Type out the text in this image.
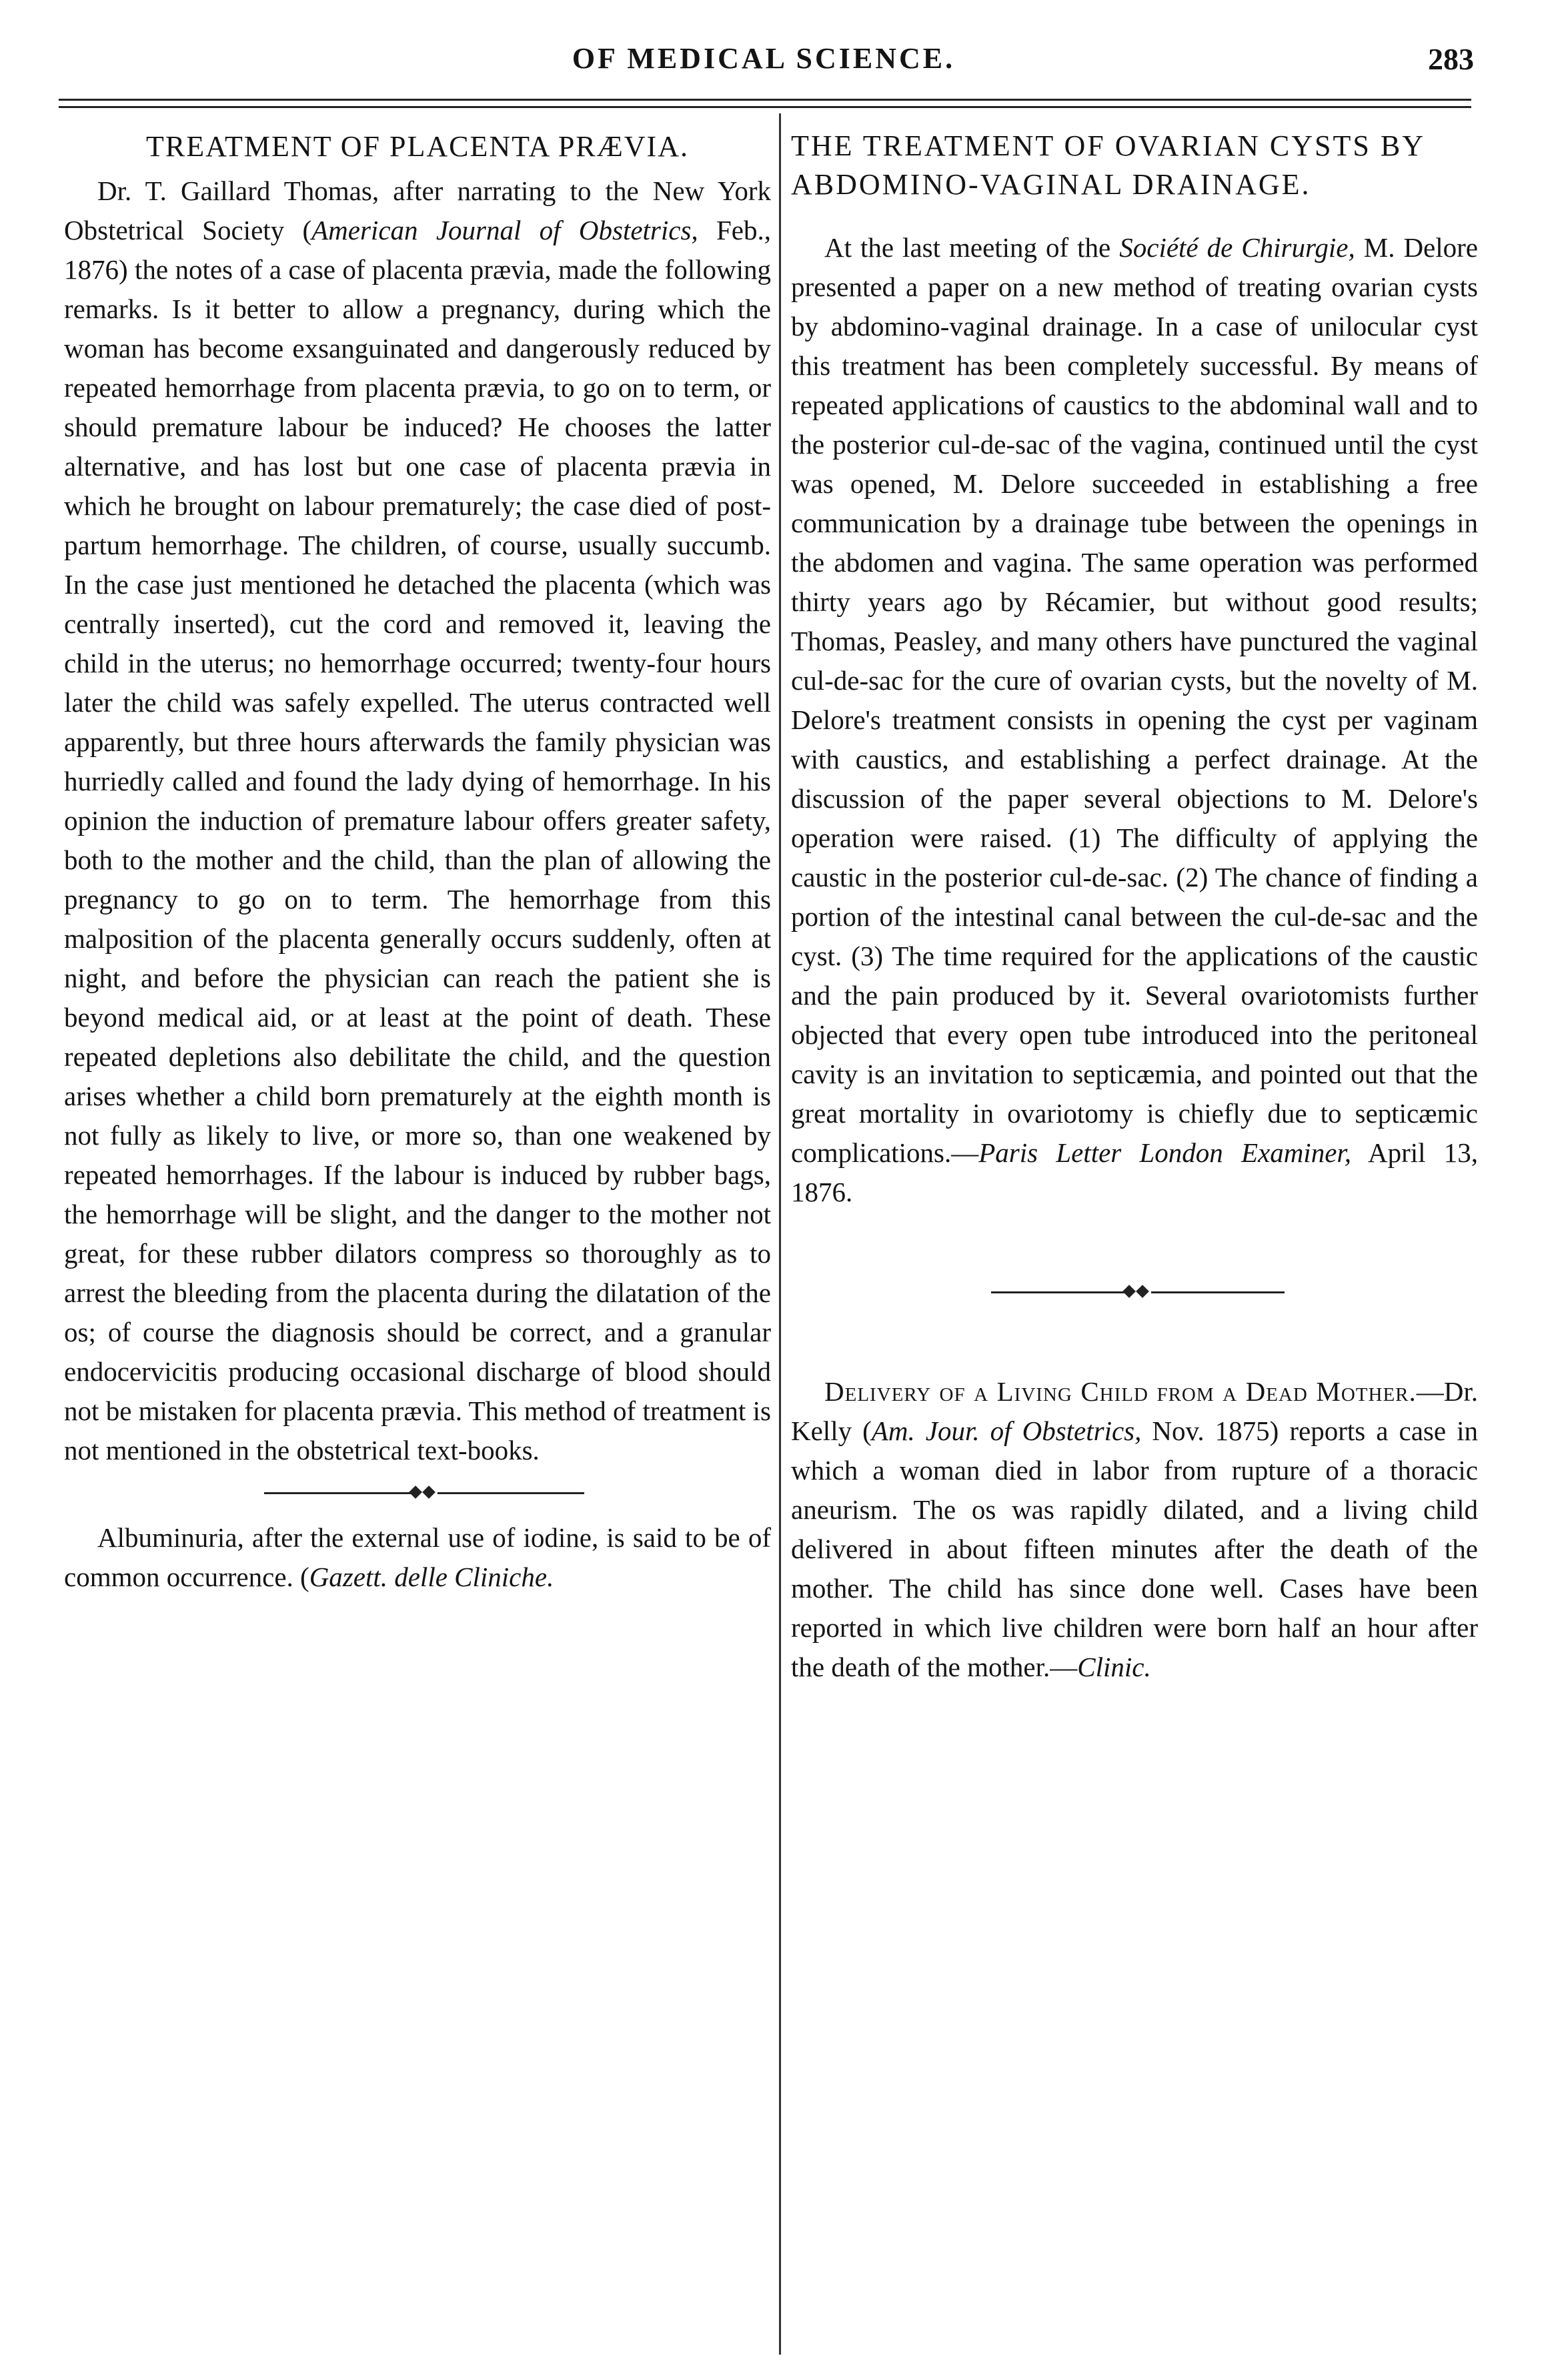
OF MEDICAL SCIENCE.	283
TREATMENT OF PLACENTA PRÆVIA.

Dr. T. Gaillard Thomas, after narrating to the New York Obstetrical Society (American Journal of Obstetrics, Feb., 1876) the notes of a case of placenta prævia, made the following remarks. Is it better to allow a pregnancy, during which the woman has become exsanguinated and dangerously reduced by repeated hemorrhage from placenta prævia, to go on to term, or should premature labour be induced? He chooses the latter alternative, and has lost but one case of placenta prævia in which he brought on labour prematurely; the case died of post-partum hemorrhage. The children, of course, usually succumb. In the case just mentioned he detached the placenta (which was centrally inserted), cut the cord and removed it, leaving the child in the uterus; no hemorrhage occurred; twenty-four hours later the child was safely expelled. The uterus contracted well apparently, but three hours afterwards the family physician was hurriedly called and found the lady dying of hemorrhage. In his opinion the induction of premature labour offers greater safety, both to the mother and the child, than the plan of allowing the pregnancy to go on to term. The hemorrhage from this malposition of the placenta generally occurs suddenly, often at night, and before the physician can reach the patient she is beyond medical aid, or at least at the point of death. These repeated depletions also debilitate the child, and the question arises whether a child born prematurely at the eighth month is not fully as likely to live, or more so, than one weakened by repeated hemorrhages. If the labour is induced by rubber bags, the hemorrhage will be slight, and the danger to the mother not great, for these rubber dilators compress so thoroughly as to arrest the bleeding from the placenta during the dilatation of the os; of course the diagnosis should be correct, and a granular endocervicitis producing occasional discharge of blood should not be mistaken for placenta prævia. This method of treatment is not mentioned in the obstetrical text-books.

Albuminuria, after the external use of iodine, is said to be of common occurrence. (Gazett. delle Cliniche.

THE TREATMENT OF OVARIAN CYSTS BY ABDOMINO-VAGINAL DRAINAGE.

At the last meeting of the Société de Chirurgie, M. Delore presented a paper on a new method of treating ovarian cysts by abdomino-vaginal drainage. In a case of unilocular cyst this treatment has been completely successful. By means of repeated applications of caustics to the abdominal wall and to the posterior cul-de-sac of the vagina, continued until the cyst was opened, M. Delore succeeded in establishing a free communication by a drainage tube between the openings in the abdomen and vagina. The same operation was performed thirty years ago by Récamier, but without good results; Thomas, Peasley, and many others have punctured the vaginal cul-de-sac for the cure of ovarian cysts, but the novelty of M. Delore's treatment consists in opening the cyst per vaginam with caustics, and establishing a perfect drainage. At the discussion of the paper several objections to M. Delore's operation were raised. (1) The difficulty of applying the caustic in the posterior cul-de-sac. (2) The chance of finding a portion of the intestinal canal between the cul-de-sac and the cyst. (3) The time required for the applications of the caustic and the pain produced by it. Several ovariotomists further objected that every open tube introduced into the peritoneal cavity is an invitation to septicæmia, and pointed out that the great mortality in ovariotomy is chiefly due to septicæmic complications.—Paris Letter London Examiner, April 13, 1876.

Delivery of a Living Child from a Dead Mother.—Dr. Kelly (Am. Jour. of Obstetrics, Nov. 1875) reports a case in which a woman died in labor from rupture of a thoracic aneurism. The os was rapidly dilated, and a living child delivered in about fifteen minutes after the death of the mother. The child has since done well. Cases have been reported in which live children were born half an hour after the death of the mother.—Clinic.
